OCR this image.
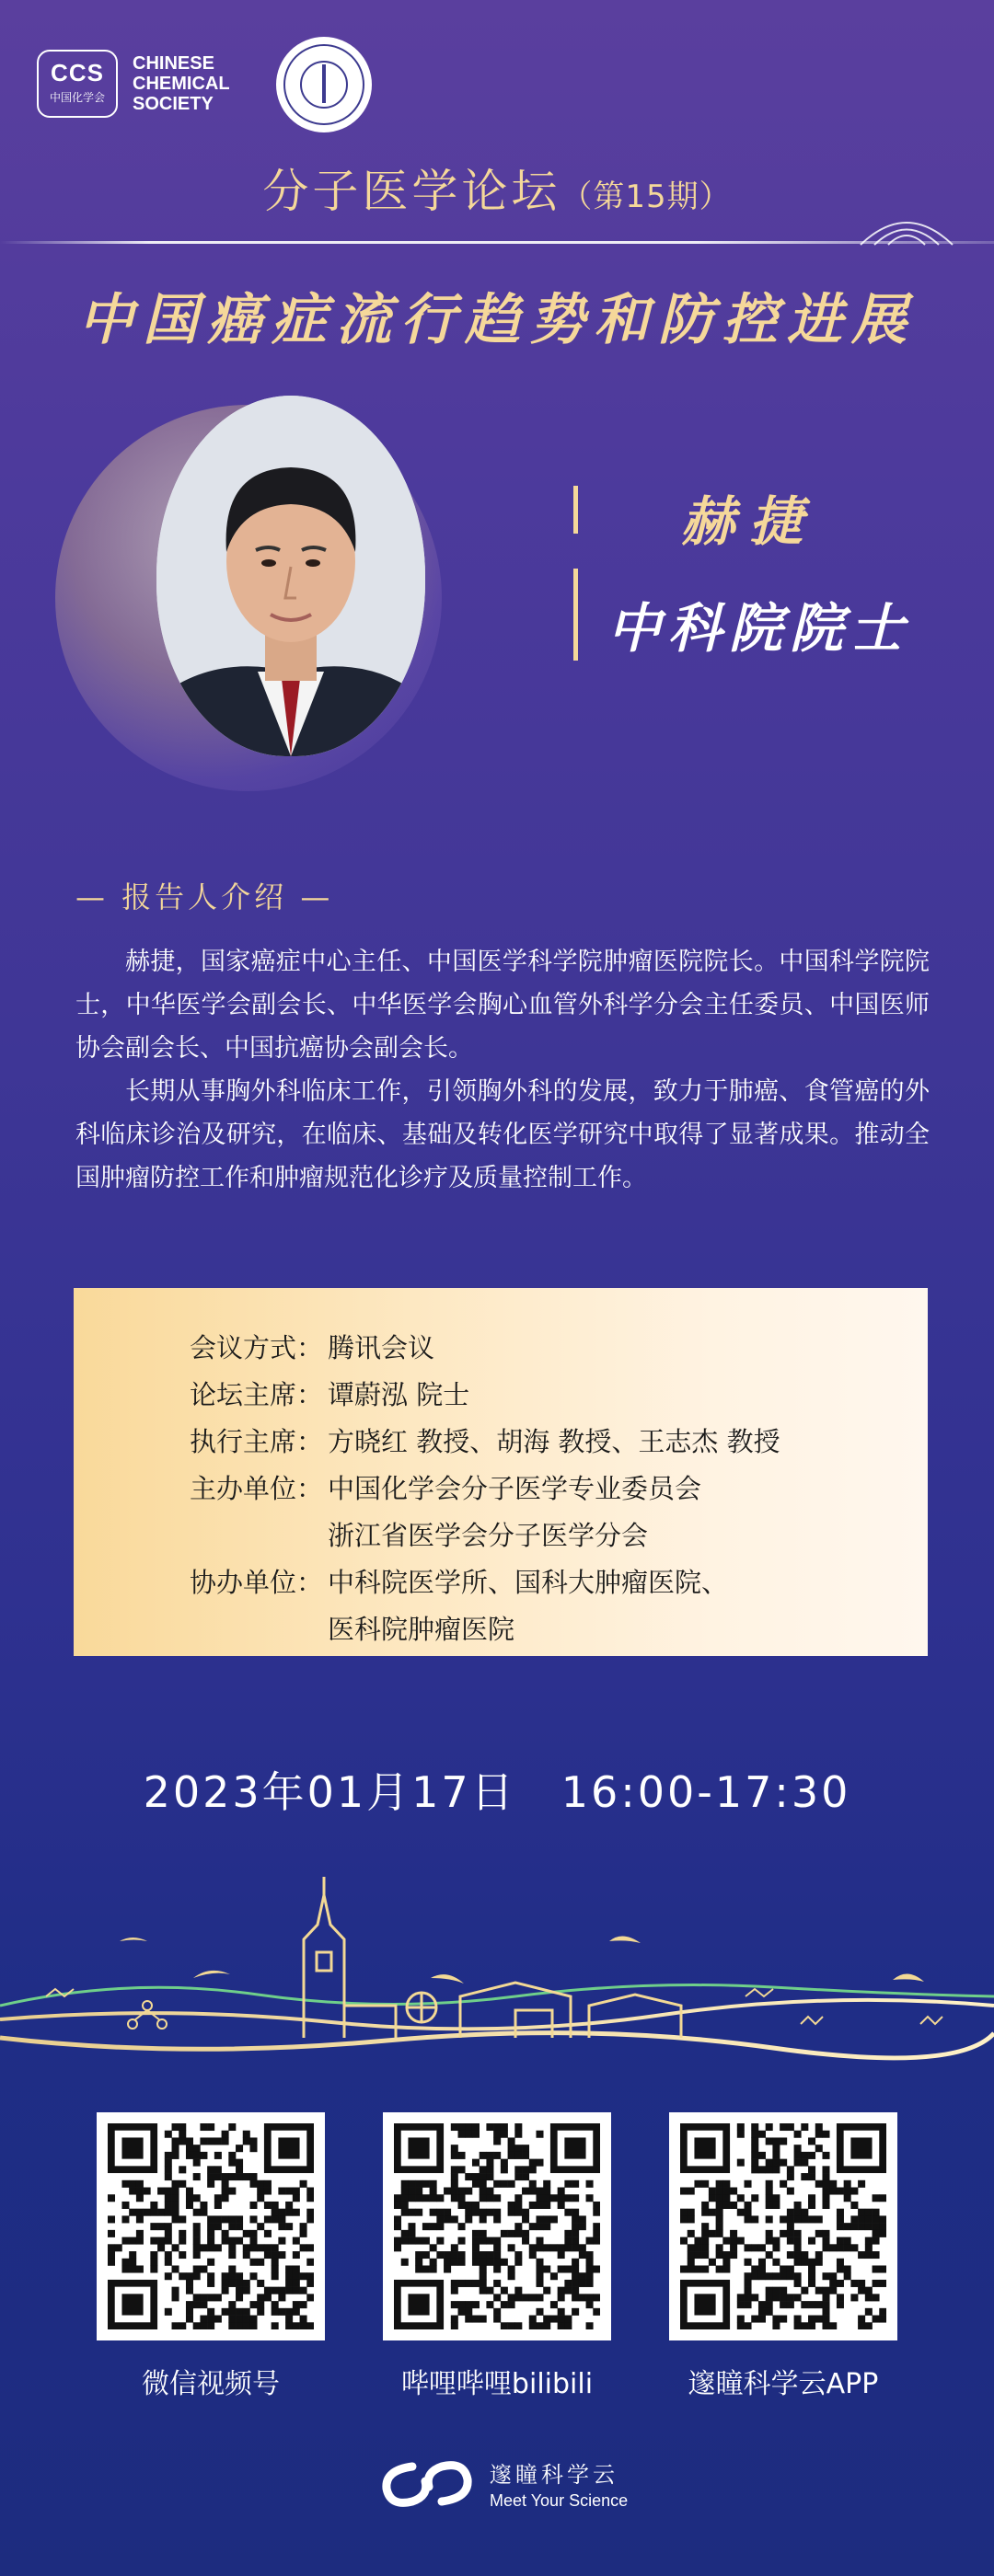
CCS
中国化学会
CHINESE
CHEMICAL
SOCIETY
分子医学论坛（第15期）
中国癌症流行趋势和防控进展
赫捷
中科院院士
— 报告人介绍 —

赫捷，国家癌症中心主任、中国医学科学院肿瘤医院院长。中国科学院院士，中华医学会副会长、中华医学会胸心血管外科学分会主任委员、中国医师协会副会长、中国抗癌协会副会长。

长期从事胸外科临床工作，引领胸外科的发展，致力于肺癌、食管癌的外科临床诊治及研究，在临床、基础及转化医学研究中取得了显著成果。推动全国肿瘤防控工作和肿瘤规范化诊疗及质量控制工作。

会议方式： 腾讯会议
论坛主席： 谭蔚泓 院士
执行主席： 方晓红 教授、胡海 教授、王志杰 教授
主办单位： 中国化学会分子医学专业委员会
浙江省医学会分子医学分会
协办单位： 中科院医学所、国科大肿瘤医院、
医科院肿瘤医院
2023年01月17日　16:00-17:30
微信视频号	哔哩哔哩bilibili	邃瞳科学云APP
邃瞳科学云
Meet Your Science
